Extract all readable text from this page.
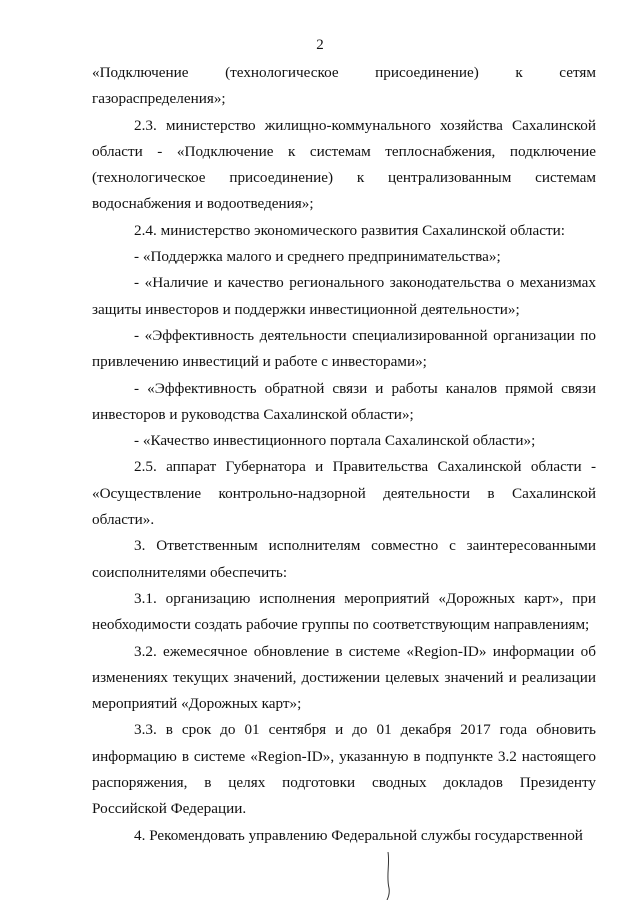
2

«Подключение (технологическое присоединение) к сетям газораспределения»;

2.3. министерство жилищно-коммунального хозяйства Сахалинской области - «Подключение к системам теплоснабжения, подключение (технологическое присоединение) к централизованным системам водоснабжения и водоотведения»;

2.4. министерство экономического развития Сахалинской области:

- «Поддержка малого и среднего предпринимательства»;

- «Наличие и качество регионального законодательства о механизмах защиты инвесторов и поддержки инвестиционной деятельности»;

- «Эффективность деятельности специализированной организации по привлечению инвестиций и работе с инвесторами»;

- «Эффективность обратной связи и работы каналов прямой связи инвесторов и руководства Сахалинской области»;

- «Качество инвестиционного портала Сахалинской области»;

2.5. аппарат Губернатора и Правительства Сахалинской области - «Осуществление контрольно-надзорной деятельности в Сахалинской области».

3. Ответственным исполнителям совместно с заинтересованными соисполнителями обеспечить:

3.1. организацию исполнения мероприятий «Дорожных карт», при необходимости создать рабочие группы по соответствующим направлениям;

3.2. ежемесячное обновление в системе «Region-ID» информации об изменениях текущих значений, достижении целевых значений и реализации мероприятий «Дорожных карт»;

3.3. в срок до 01 сентября и до 01 декабря 2017 года обновить информацию в системе «Region-ID», указанную в подпункте 3.2 настоящего распоряжения, в целях подготовки сводных докладов Президенту Российской Федерации.

4. Рекомендовать управлению Федеральной службы государственной
